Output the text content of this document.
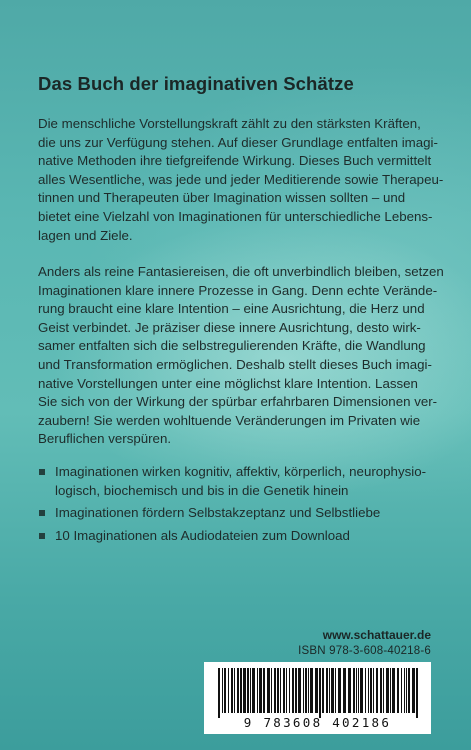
Das Buch der imaginativen Schätze

Die menschliche Vorstellungskraft zählt zu den stärksten Kräften,
die uns zur Verfügung stehen. Auf dieser Grundlage entfalten imagi-
native Methoden ihre tiefgreifende Wirkung. Dieses Buch vermittelt
alles Wesentliche, was jede und jeder Meditierende sowie Therapeu-
tinnen und Therapeuten über Imagination wissen sollten – und
bietet eine Vielzahl von Imaginationen für unterschiedliche Lebens-
lagen und Ziele.

Anders als reine Fantasiereisen, die oft unverbindlich bleiben, setzen
Imaginationen klare innere Prozesse in Gang. Denn echte Verände-
rung braucht eine klare Intention – eine Ausrichtung, die Herz und
Geist verbindet. Je präziser diese innere Ausrichtung, desto wirk-
samer entfalten sich die selbstregulierenden Kräfte, die Wandlung
und Transformation ermöglichen. Deshalb stellt dieses Buch imagi-
native Vorstellungen unter eine möglichst klare Intention. Lassen
Sie sich von der Wirkung der spürbar erfahrbaren Dimensionen ver-
zaubern! Sie werden wohltuende Veränderungen im Privaten wie
Beruflichen verspüren.

Imaginationen wirken kognitiv, affektiv, körperlich, neurophysio-
logisch, biochemisch und bis in die Genetik hinein
Imaginationen fördern Selbstakzeptanz und Selbstliebe
10 Imaginationen als Audiodateien zum Download

www.schattauer.de

ISBN 978-3-608-40218-6

9 783608 402186
